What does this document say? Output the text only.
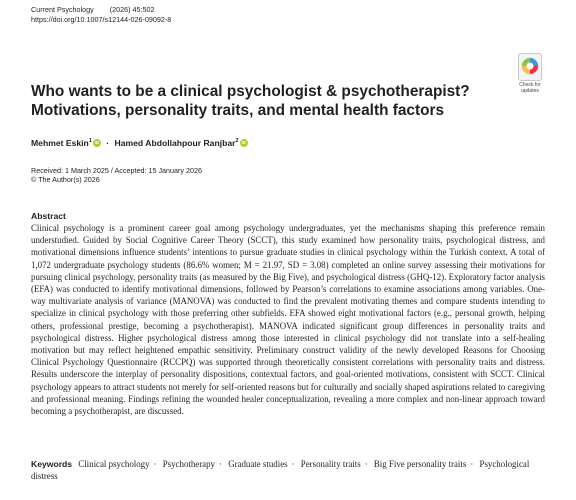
Current Psychology (2026) 45:502
https://doi.org/10.1007/s12144-026-09092-8
Check for
updates
Who wants to be a clinical psychologist & psychotherapist? Motivations, personality traits, and mental health factors
Mehmet Eskin$^1$iD · Hamed Abdollahpour Ranjbar$^2$iD
Received: 1 March 2025 / Accepted: 15 January 2026
© The Author(s) 2026
Abstract

Clinical psychology is a prominent career goal among psychology undergraduates, yet the mechanisms shaping this preference remain understudied. Guided by Social Cognitive Career Theory (SCCT), this study examined how personality traits, psychological distress, and motivational dimensions influence students’ intentions to pursue graduate studies in clinical psychology within the Turkish context. A total of 1,072 undergraduate psychology students (86.6% women; M = 21.97, SD = 3.08) completed an online survey assessing their motivations for pursuing clinical psychology, personality traits (as measured by the Big Five), and psychological distress (GHQ-12). Exploratory factor analysis (EFA) was conducted to identify motivational dimensions, followed by Pearson’s correlations to examine associations among variables. One-way multivariate analysis of variance (MANOVA) was conducted to find the prevalent motivating themes and compare students intending to specialize in clinical psychology with those preferring other subfields. EFA showed eight motivational factors (e.g., personal growth, helping others, professional prestige, becoming a psychotherapist). MANOVA indicated significant group differences in personality traits and psychological distress. Higher psychological distress among those interested in clinical psychology did not translate into a self-healing motivation but may reflect heightened empathic sensitivity. Preliminary construct validity of the newly developed Reasons for Choosing Clinical Psychology Questionnaire (RCCPQ) was supported through theoretically consistent correlations with personality traits and distress. Results underscore the interplay of personality dispositions, contextual factors, and goal-oriented motivations, consistent with SCCT. Clinical psychology appears to attract students not merely for self-oriented reasons but for culturally and socially shaped aspirations related to caregiving and professional meaning. Findings refining the wounded healer conceptualization, revealing a more complex and non-linear approach toward becoming a psychotherapist, are discussed.

Keywords Clinical psychology · Psychotherapy · Graduate studies · Personality traits · Big Five personality traits · Psychological distress
